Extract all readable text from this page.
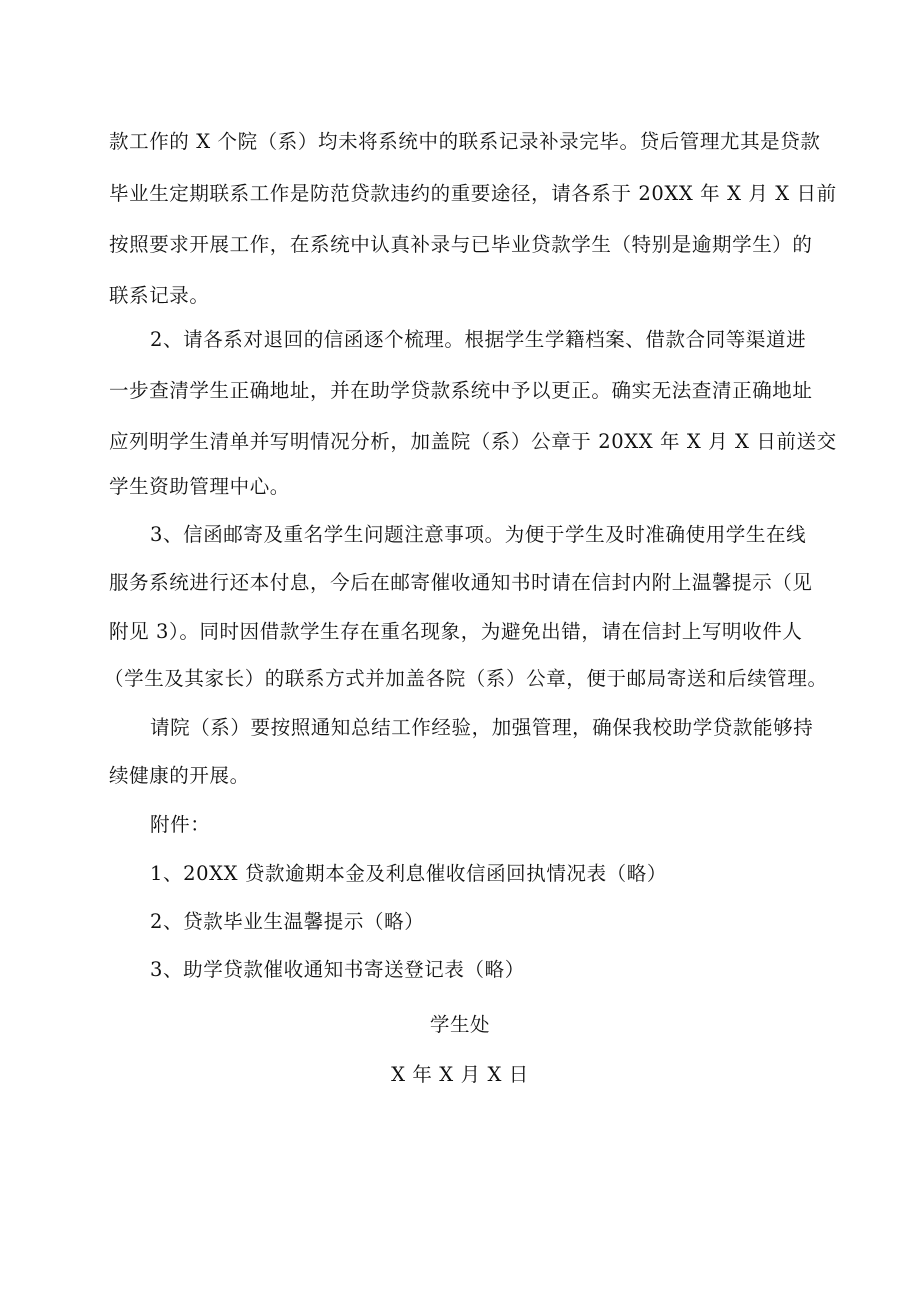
款工作的 X 个院（系）均未将系统中的联系记录补录完毕。贷后管理尤其是贷款
毕业生定期联系工作是防范贷款违约的重要途径，请各系于 20XX 年 X 月 X 日前
按照要求开展工作，在系统中认真补录与已毕业贷款学生（特别是逾期学生）的
联系记录。
2、请各系对退回的信函逐个梳理。根据学生学籍档案、借款合同等渠道进
一步查清学生正确地址，并在助学贷款系统中予以更正。确实无法查清正确地址
应列明学生清单并写明情况分析，加盖院（系）公章于 20XX 年 X 月 X 日前送交
学生资助管理中心。
3、信函邮寄及重名学生问题注意事项。为便于学生及时准确使用学生在线
服务系统进行还本付息，今后在邮寄催收通知书时请在信封内附上温馨提示（见
附见 3）。同时因借款学生存在重名现象，为避免出错，请在信封上写明收件人
（学生及其家长）的联系方式并加盖各院（系）公章，便于邮局寄送和后续管理。
请院（系）要按照通知总结工作经验，加强管理，确保我校助学贷款能够持
续健康的开展。
附件：
1、20XX 贷款逾期本金及利息催收信函回执情况表（略）
2、贷款毕业生温馨提示（略）
3、助学贷款催收通知书寄送登记表（略）
学生处
X 年 X 月 X 日
